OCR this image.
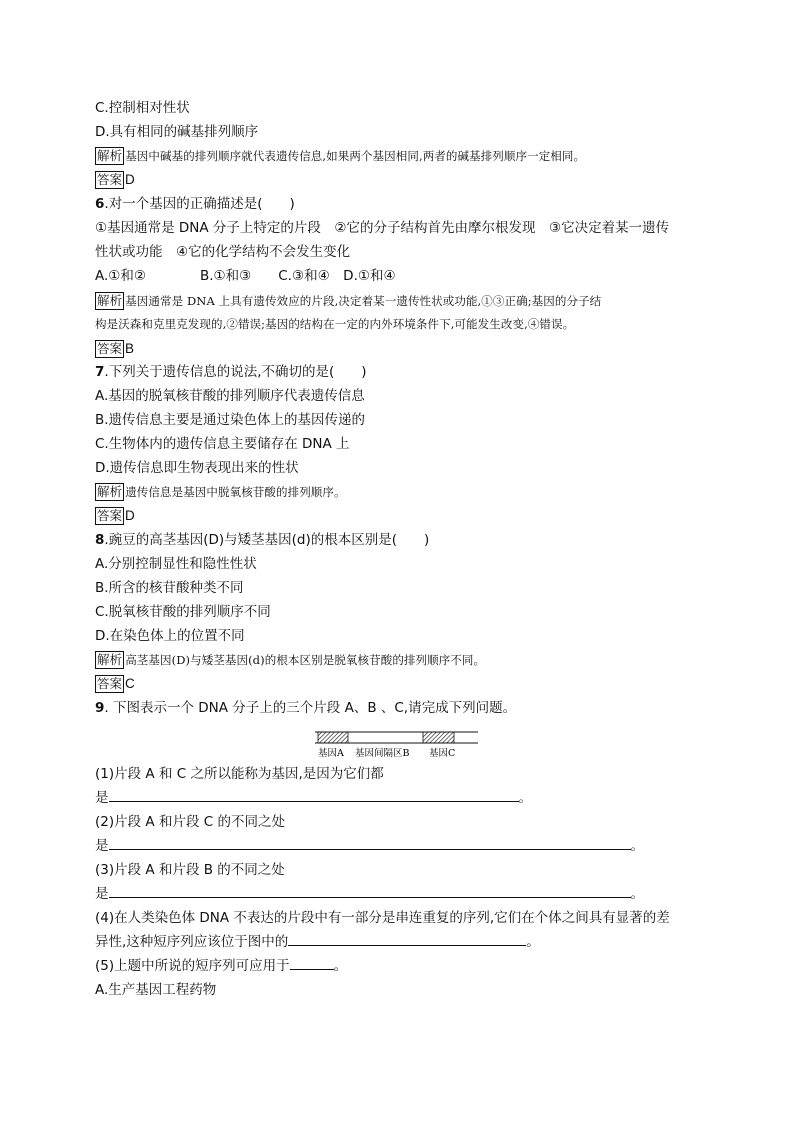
C.控制相对性状
D.具有相同的碱基排列顺序
解析 基因中碱基的排列顺序就代表遗传信息,如果两个基因相同,两者的碱基排列顺序一定相同。
答案 D
6.对一个基因的正确描述是(　　)
①基因通常是 DNA 分子上特定的片段　②它的分子结构首先由摩尔根发现　③它决定着某一遗传
性状或功能　④它的化学结构不会发生变化
A.①和②　　　　B.①和③　　C.③和④　D.①和④
解析 基因通常是 DNA 上具有遗传效应的片段,决定着某一遗传性状或功能,①③正确;基因的分子结
构是沃森和克里克发现的,②错误;基因的结构在一定的内外环境条件下,可能发生改变,④错误。
答案 B
7.下列关于遗传信息的说法,不确切的是(　　)
A.基因的脱氧核苷酸的排列顺序代表遗传信息
B.遗传信息主要是通过染色体上的基因传递的
C.生物体内的遗传信息主要储存在 DNA 上
D.遗传信息即生物表现出来的性状
解析 遗传信息是基因中脱氧核苷酸的排列顺序。
答案 D
8.豌豆的高茎基因(D)与矮茎基因(d)的根本区别是(　　)
A.分别控制显性和隐性性状
B.所含的核苷酸种类不同
C.脱氧核苷酸的排列顺序不同
D.在染色体上的位置不同
解析 高茎基因(D)与矮茎基因(d)的根本区别是脱氧核苷酸的排列顺序不同。
答案 C
9. 下图表示一个 DNA 分子上的三个片段 A、B 、C,请完成下列问题。
(1)片段 A 和 C 之所以能称为基因,是因为它们都
是	。
(2)片段 A 和片段 C 的不同之处
是	。
(3)片段 A 和片段 B 的不同之处
是	。
(4)在人类染色体 DNA 不表达的片段中有一部分是串连重复的序列,它们在个体之间具有显著的差
异性,这种短序列应该位于图中的	。
(5)上题中所说的短序列可应用于	。
A.生产基因工程药物
基因A 基因间隔区B 基因C
